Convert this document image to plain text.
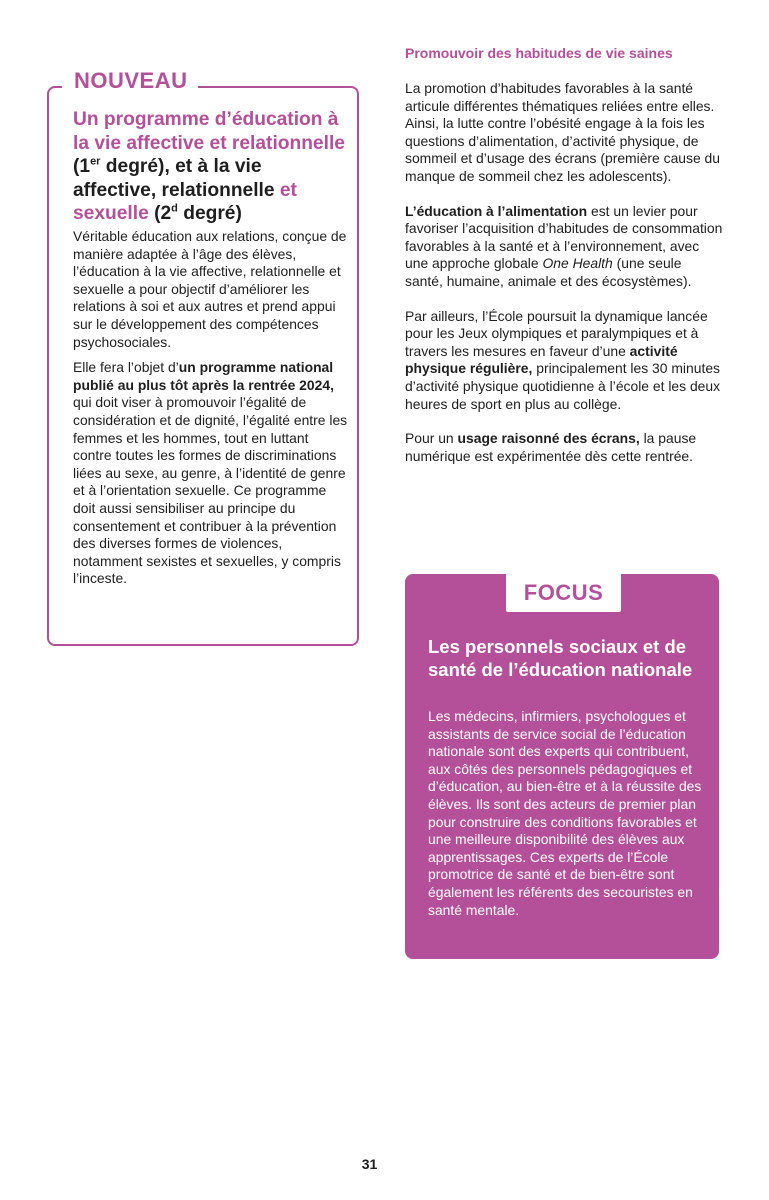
NOUVEAU
Un programme d’éducation à la vie affective et relationnelle (1er degré), et à la vie affective, relationnelle et sexuelle (2$^d$ degré)

Véritable éducation aux relations, conçue de manière adaptée à l’âge des élèves, l’éducation à la vie affective, relationnelle et sexuelle a pour objectif d’améliorer les relations à soi et aux autres et prend appui sur le développement des compétences psychosociales.

Elle fera l’objet d’un programme national publié au plus tôt après la rentrée 2024, qui doit viser à promouvoir l’égalité de considération et de dignité, l’égalité entre les femmes et les hommes, tout en luttant contre toutes les formes de discriminations liées au sexe, au genre, à l’identité de genre et à l’orientation sexuelle. Ce programme doit aussi sensibiliser au principe du consentement et contribuer à la prévention des diverses formes de violences, notamment sexistes et sexuelles, y compris l’inceste.

Promouvoir des habitudes de vie saines

La promotion d’habitudes favorables à la santé articule différentes thématiques reliées entre elles. Ainsi, la lutte contre l’obésité engage à la fois les questions d’alimentation, d’activité physique, de sommeil et d’usage des écrans (première cause du manque de sommeil chez les adolescents).

L’éducation à l’alimentation est un levier pour favoriser l’acquisition d’habitudes de consommation favorables à la santé et à l’environnement, avec une approche globale One Health (une seule santé, humaine, animale et des écosystèmes).

Par ailleurs, l’École poursuit la dynamique lancée pour les Jeux olympiques et paralympiques et à travers les mesures en faveur d’une activité physique régulière, principalement les 30 minutes d’activité physique quotidienne à l’école et les deux heures de sport en plus au collège.

Pour un usage raisonné des écrans, la pause numérique est expérimentée dès cette rentrée.

FOCUS
Les personnels sociaux et de santé de l’éducation nationale

Les médecins, infirmiers, psychologues et assistants de service social de l’éducation nationale sont des experts qui contribuent, aux côtés des personnels pédagogiques et d’éducation, au bien-être et à la réussite des élèves. Ils sont des acteurs de premier plan pour construire des conditions favorables et une meilleure disponibilité des élèves aux apprentissages. Ces experts de l’École promotrice de santé et de bien-être sont également les référents des secouristes en santé mentale.

31
